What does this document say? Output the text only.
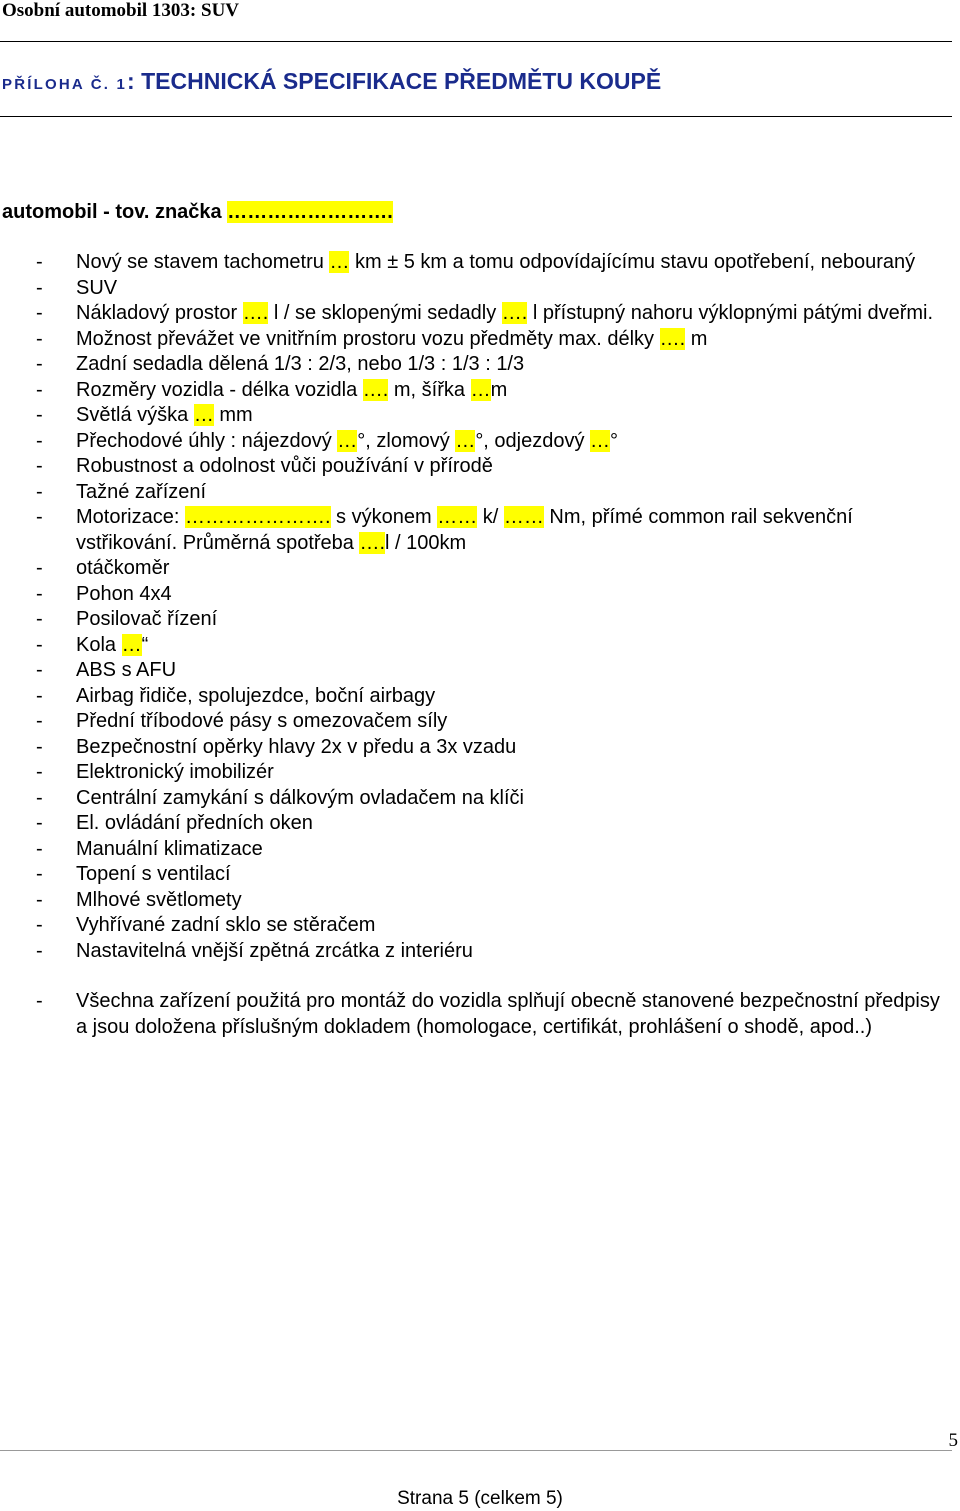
Osobní automobil 1303: SUV
PŘÍLOHA Č. 1: TECHNICKÁ SPECIFIKACE PŘEDMĚTU KOUPĚ
automobil - tov. značka …………………….
- Nový se stavem tachometru … km ± 5 km a tomu odpovídajícímu stavu opotřebení, nebouraný
- SUV
- Nákladový prostor …. l / se sklopenými sedadly …. l přístupný nahoru výklopnými pátými dveřmi.
- Možnost převážet ve vnitřním prostoru vozu předměty max. délky …. m
- Zadní sedadla dělená 1/3 : 2/3, nebo 1/3 : 1/3 : 1/3
- Rozměry vozidla - délka vozidla …. m, šířka …m
- Světlá výška … mm
- Přechodové úhly : nájezdový …°, zlomový …°, odjezdový …°
- Robustnost a odolnost vůči používání v přírodě
- Tažné zařízení
- Motorizace: …………………. s výkonem …… k/ …… Nm, přímé common rail sekvenční vstřikování. Průměrná spotřeba ….l / 100km
- otáčkoměr
- Pohon 4x4
- Posilovač řízení
- Kola …“
- ABS s AFU
- Airbag řidiče, spolujezdce, boční airbagy
- Přední tříbodové pásy s omezovačem síly
- Bezpečnostní opěrky hlavy 2x v předu a 3x vzadu
- Elektronický imobilizér
- Centrální zamykání s dálkovým ovladačem na klíči
- El. ovládání předních oken
- Manuální klimatizace
- Topení s ventilací
- Mlhové světlomety
- Vyhřívané zadní sklo se stěračem
- Nastavitelná vnější zpětná zrcátka z interiéru
- Všechna zařízení použitá pro montáž do vozidla splňují obecně stanovené bezpečnostní předpisy a jsou doložena příslušným dokladem (homologace, certifikát, prohlášení o shodě, apod..)
5
Strana 5 (celkem 5)
